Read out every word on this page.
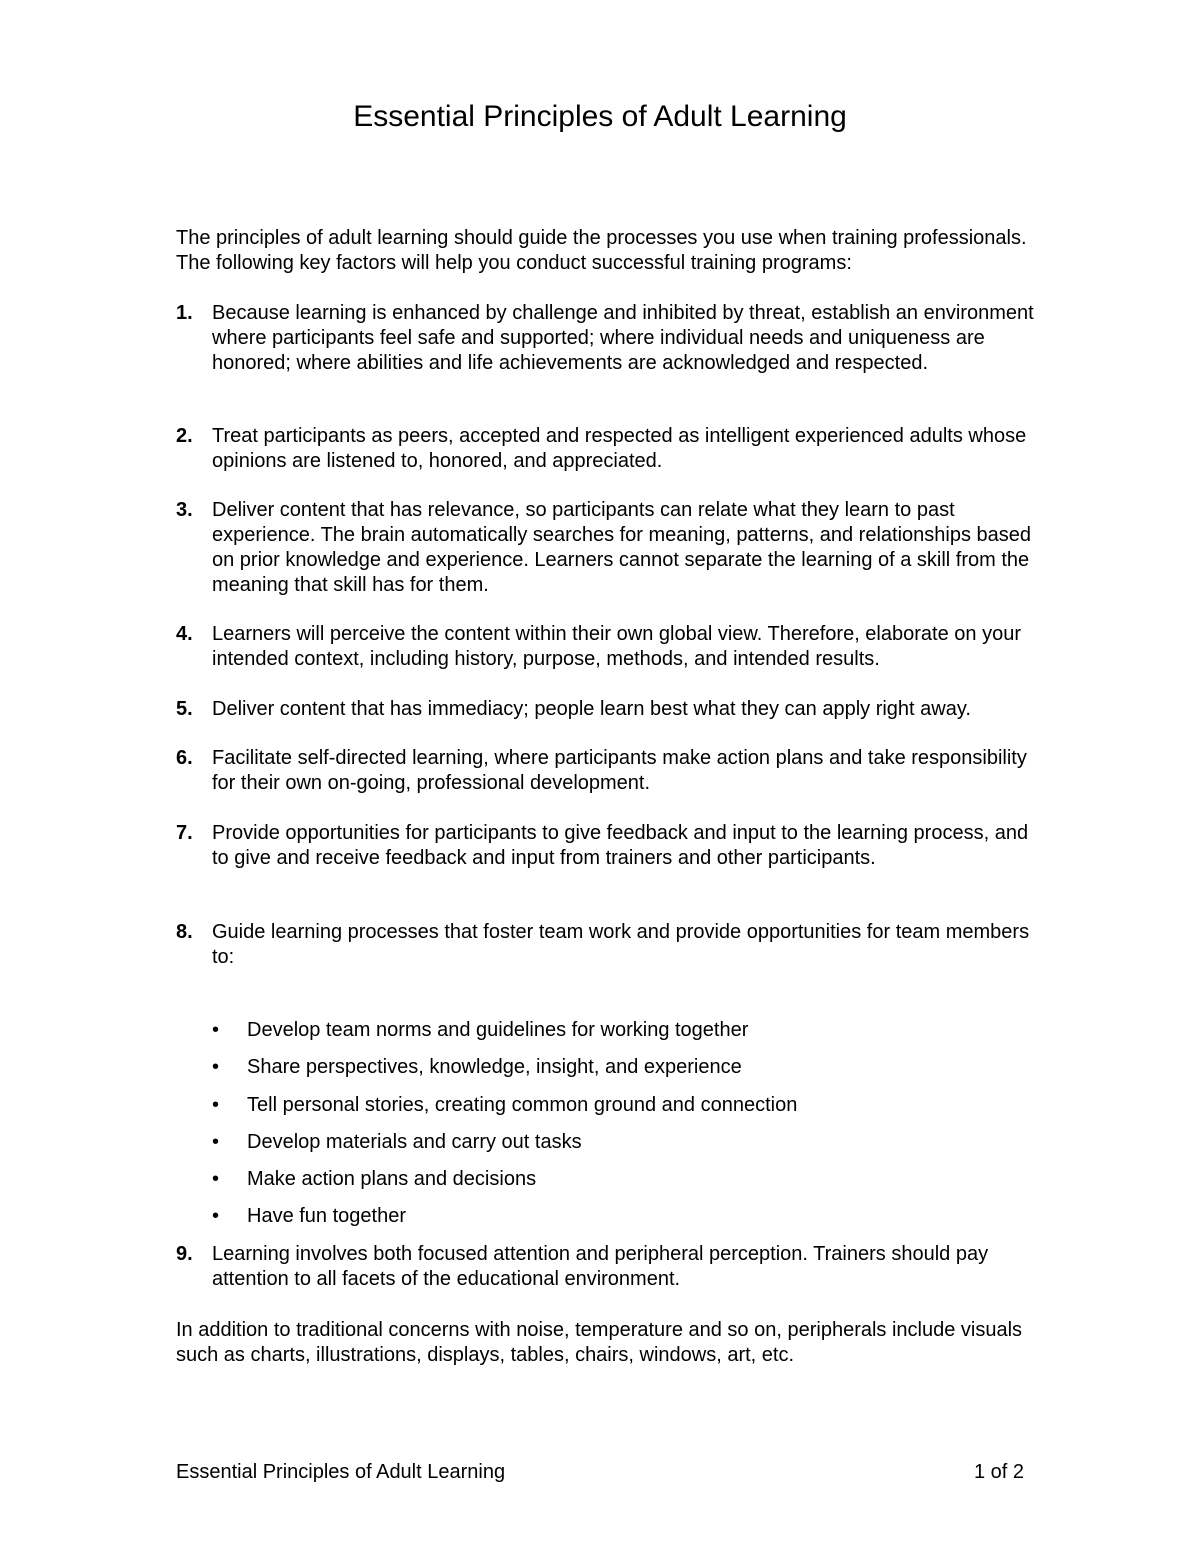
Essential Principles of Adult Learning
The principles of adult learning should guide the processes you use when training professionals. The following key factors will help you conduct successful training programs:
1. Because learning is enhanced by challenge and inhibited by threat, establish an environment where participants feel safe and supported; where individual needs and uniqueness are honored; where abilities and life achievements are acknowledged and respected.
2. Treat participants as peers, accepted and respected as intelligent experienced adults whose opinions are listened to, honored, and appreciated.
3. Deliver content that has relevance, so participants can relate what they learn to past experience. The brain automatically searches for meaning, patterns, and relationships based on prior knowledge and experience. Learners cannot separate the learning of a skill from the meaning that skill has for them.
4. Learners will perceive the content within their own global view. Therefore, elaborate on your intended context, including history, purpose, methods, and intended results.
5. Deliver content that has immediacy; people learn best what they can apply right away.
6. Facilitate self-directed learning, where participants make action plans and take responsibility for their own on-going, professional development.
7. Provide opportunities for participants to give feedback and input to the learning process, and to give and receive feedback and input from trainers and other participants.
8. Guide learning processes that foster team work and provide opportunities for team members to:
• Develop team norms and guidelines for working together
• Share perspectives, knowledge, insight, and experience
• Tell personal stories, creating common ground and connection
• Develop materials and carry out tasks
• Make action plans and decisions
• Have fun together
9. Learning involves both focused attention and peripheral perception. Trainers should pay attention to all facets of the educational environment.
In addition to traditional concerns with noise, temperature and so on, peripherals include visuals such as charts, illustrations, displays, tables, chairs, windows, art, etc.
Essential Principles of Adult Learning	1 of 2
